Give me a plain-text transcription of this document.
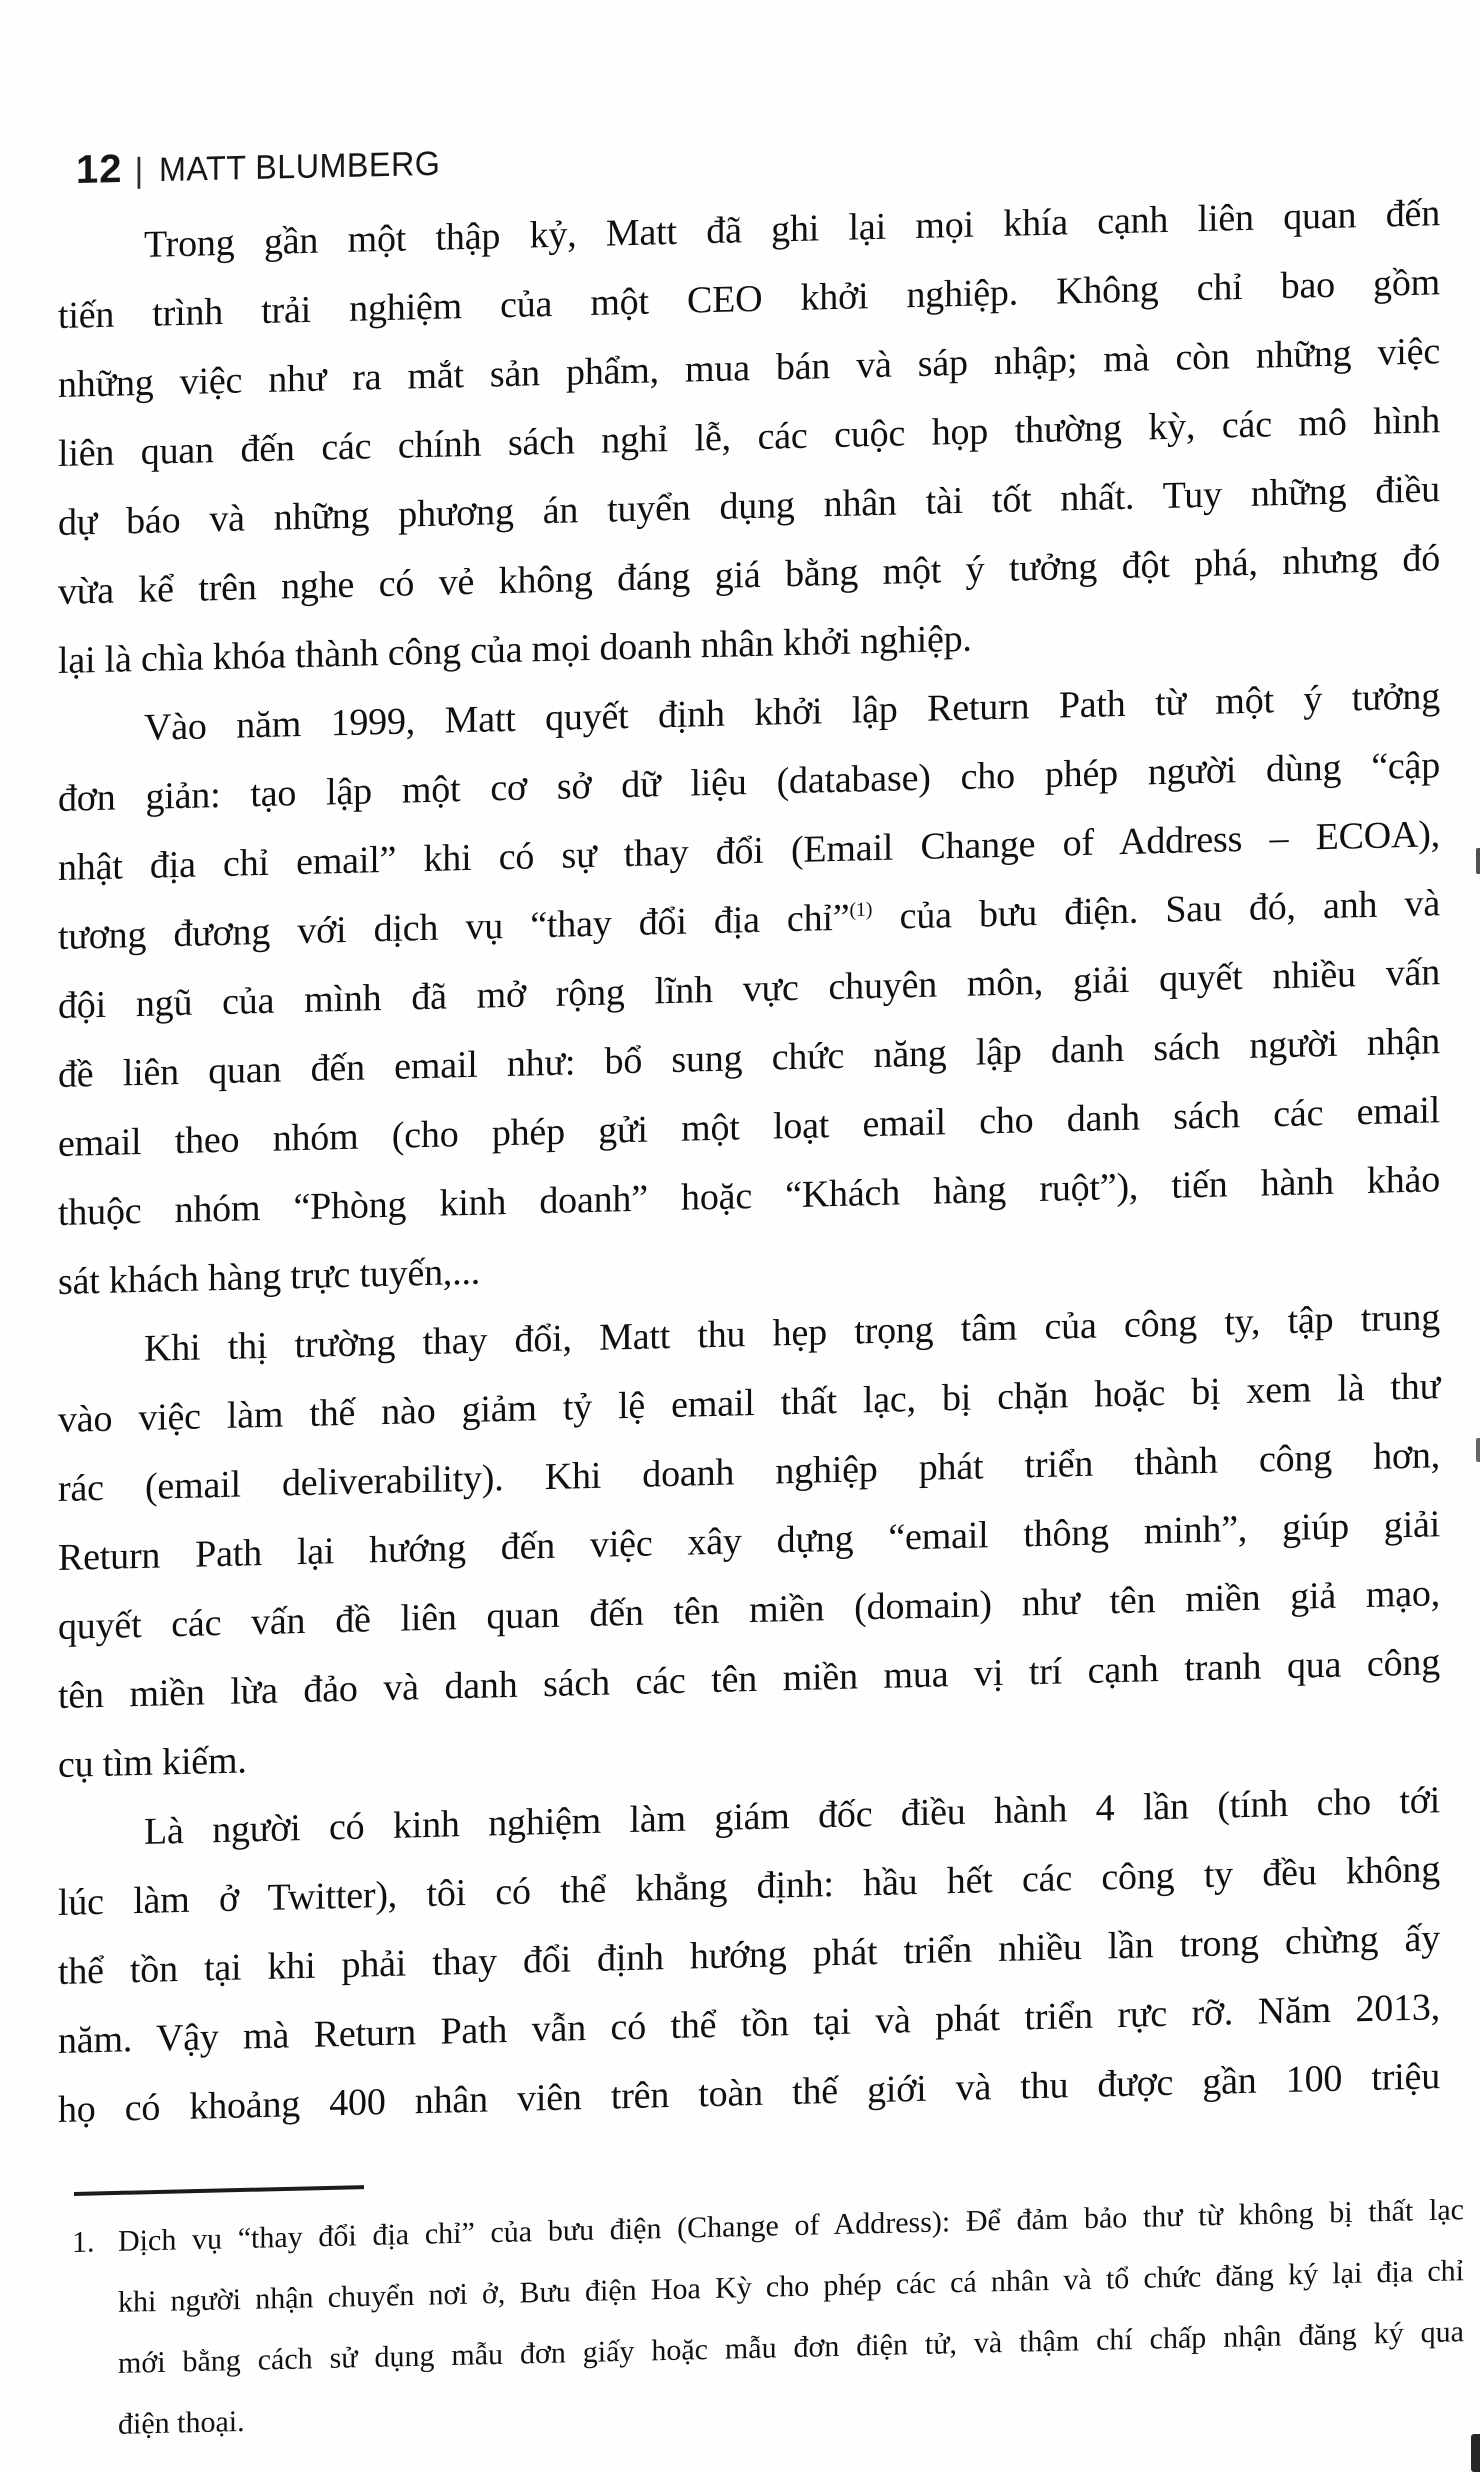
12 | MATT BLUMBERG
Trong gần một thập kỷ, Matt đã ghi lại mọi khía cạnh liên quan đến
tiến trình trải nghiệm của một CEO khởi nghiệp. Không chỉ bao gồm
những việc như ra mắt sản phẩm, mua bán và sáp nhập; mà còn những việc
liên quan đến các chính sách nghỉ lễ, các cuộc họp thường kỳ, các mô hình
dự báo và những phương án tuyển dụng nhân tài tốt nhất. Tuy những điều
vừa kể trên nghe có vẻ không đáng giá bằng một ý tưởng đột phá, nhưng đó
lại là chìa khóa thành công của mọi doanh nhân khởi nghiệp.
Vào năm 1999, Matt quyết định khởi lập Return Path từ một ý tưởng
đơn giản: tạo lập một cơ sở dữ liệu (database) cho phép người dùng “cập
nhật địa chỉ email” khi có sự thay đổi (Email Change of Address – ECOA),
tương đương với dịch vụ “thay đổi địa chỉ”$^{(1)}$ của bưu điện. Sau đó, anh và
đội ngũ của mình đã mở rộng lĩnh vực chuyên môn, giải quyết nhiều vấn
đề liên quan đến email như: bổ sung chức năng lập danh sách người nhận
email theo nhóm (cho phép gửi một loạt email cho danh sách các email
thuộc nhóm “Phòng kinh doanh” hoặc “Khách hàng ruột”), tiến hành khảo
sát khách hàng trực tuyến,...
Khi thị trường thay đổi, Matt thu hẹp trọng tâm của công ty, tập trung
vào việc làm thế nào giảm tỷ lệ email thất lạc, bị chặn hoặc bị xem là thư
rác (email deliverability). Khi doanh nghiệp phát triển thành công hơn,
Return Path lại hướng đến việc xây dựng “email thông minh”, giúp giải
quyết các vấn đề liên quan đến tên miền (domain) như tên miền giả mạo,
tên miền lừa đảo và danh sách các tên miền mua vị trí cạnh tranh qua công
cụ tìm kiếm.
Là người có kinh nghiệm làm giám đốc điều hành 4 lần (tính cho tới
lúc làm ở Twitter), tôi có thể khẳng định: hầu hết các công ty đều không
thể tồn tại khi phải thay đổi định hướng phát triển nhiều lần trong chừng ấy
năm. Vậy mà Return Path vẫn có thể tồn tại và phát triển rực rỡ. Năm 2013,
họ có khoảng 400 nhân viên trên toàn thế giới và thu được gần 100 triệu
1. Dịch vụ “thay đổi địa chỉ” của bưu điện (Change of Address): Để đảm bảo thư từ không bị thất lạc
khi người nhận chuyển nơi ở, Bưu điện Hoa Kỳ cho phép các cá nhân và tổ chức đăng ký lại địa chỉ
mới bằng cách sử dụng mẫu đơn giấy hoặc mẫu đơn điện tử, và thậm chí chấp nhận đăng ký qua
điện thoại.
